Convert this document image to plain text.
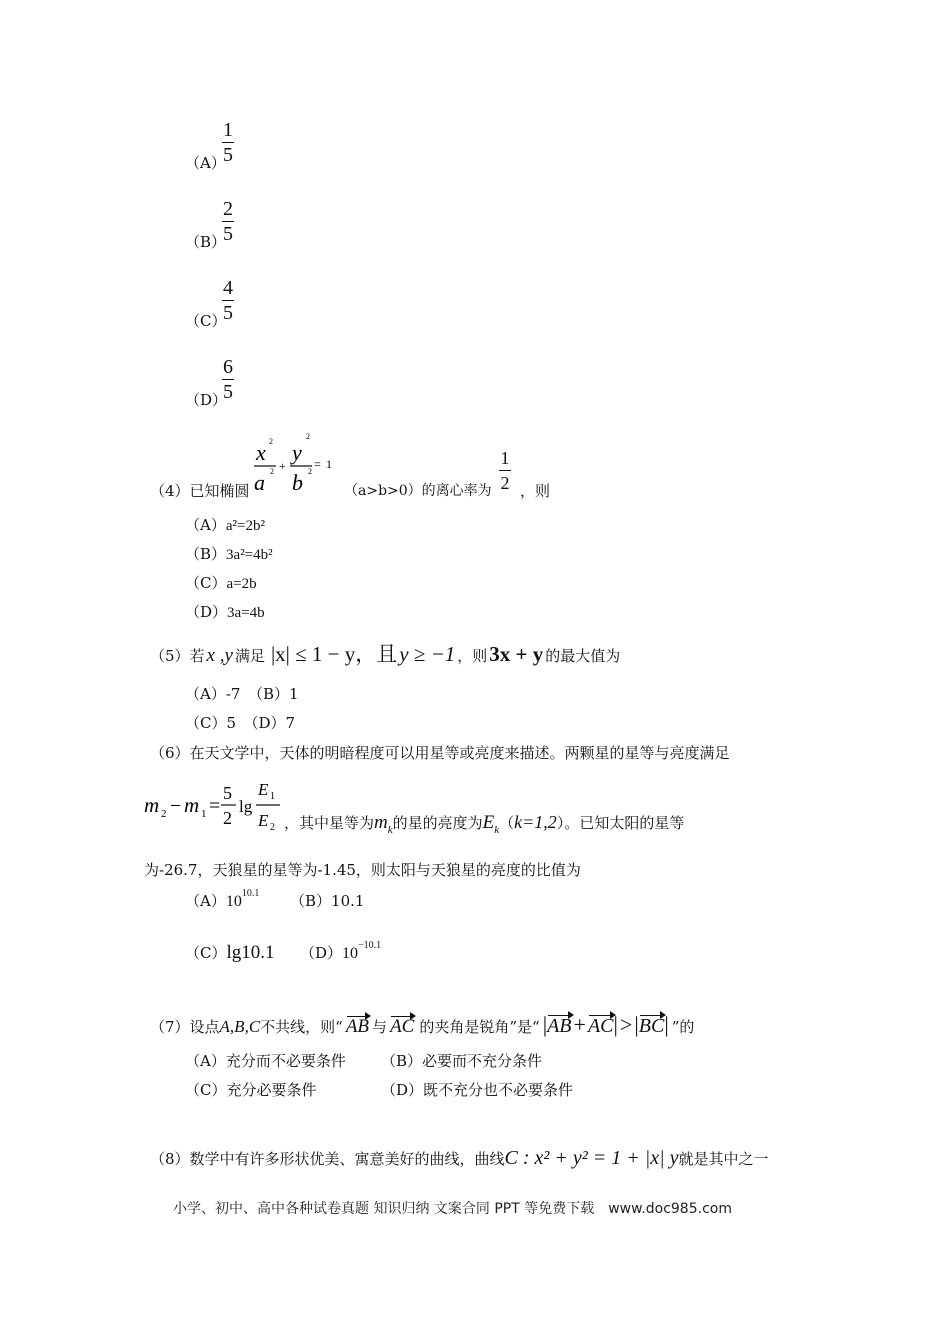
（A）
1
5
（B）
2
5
（C）
4
5
（D）
6
5
（4）已知椭圆
x 2
a 2 +
y
2
b 2
= 1
（a>b>0）的离心率为
1
2 ，则
（A）a²=2b²
（B）3a²=4b²
（C）a=2b
（D）3a=4b
（5）若 x ,y 满足 |x| ≤ 1 − y，且 y ≥ −1 ，则 3x + y 的最大值为
（A）-7　（B）1
（C）5　（D）7
（6）在天文学中，天体的明暗程度可以用星等或亮度来描述。两颗星的星等与亮度满足
m 2 − m 1 =
5
2
lg
E 1
E 2 ，其中星等为 $m_k$ 的星的亮度为 $E_k$ （ k=1,2 ）。已知太阳的星等
为-26.7，天狼星的星等为-1.45，则太阳与天狼星的亮度的比值为
$(A)10^{10.1}$ （B）10.1
（C）lg10.1 $(D)10^{-10.1}$
（7）设点 A,B,C 不共线，则“ AB 与 AC 的夹角是锐角”是“ | AB + AC | > | BC | ”的
（A）充分而不必要条件 （B）必要而不充分条件
（C）充分必要条件	（D）既不充分也不必要条件
（8）数学中有许多形状优美、寓意美好的曲线，曲线 C : x² + y² = 1 + |x| y 就是其中之一
小学、初中、高中各种试卷真题 知识归纳 文案合同 PPT 等免费下载　www.doc985.com
